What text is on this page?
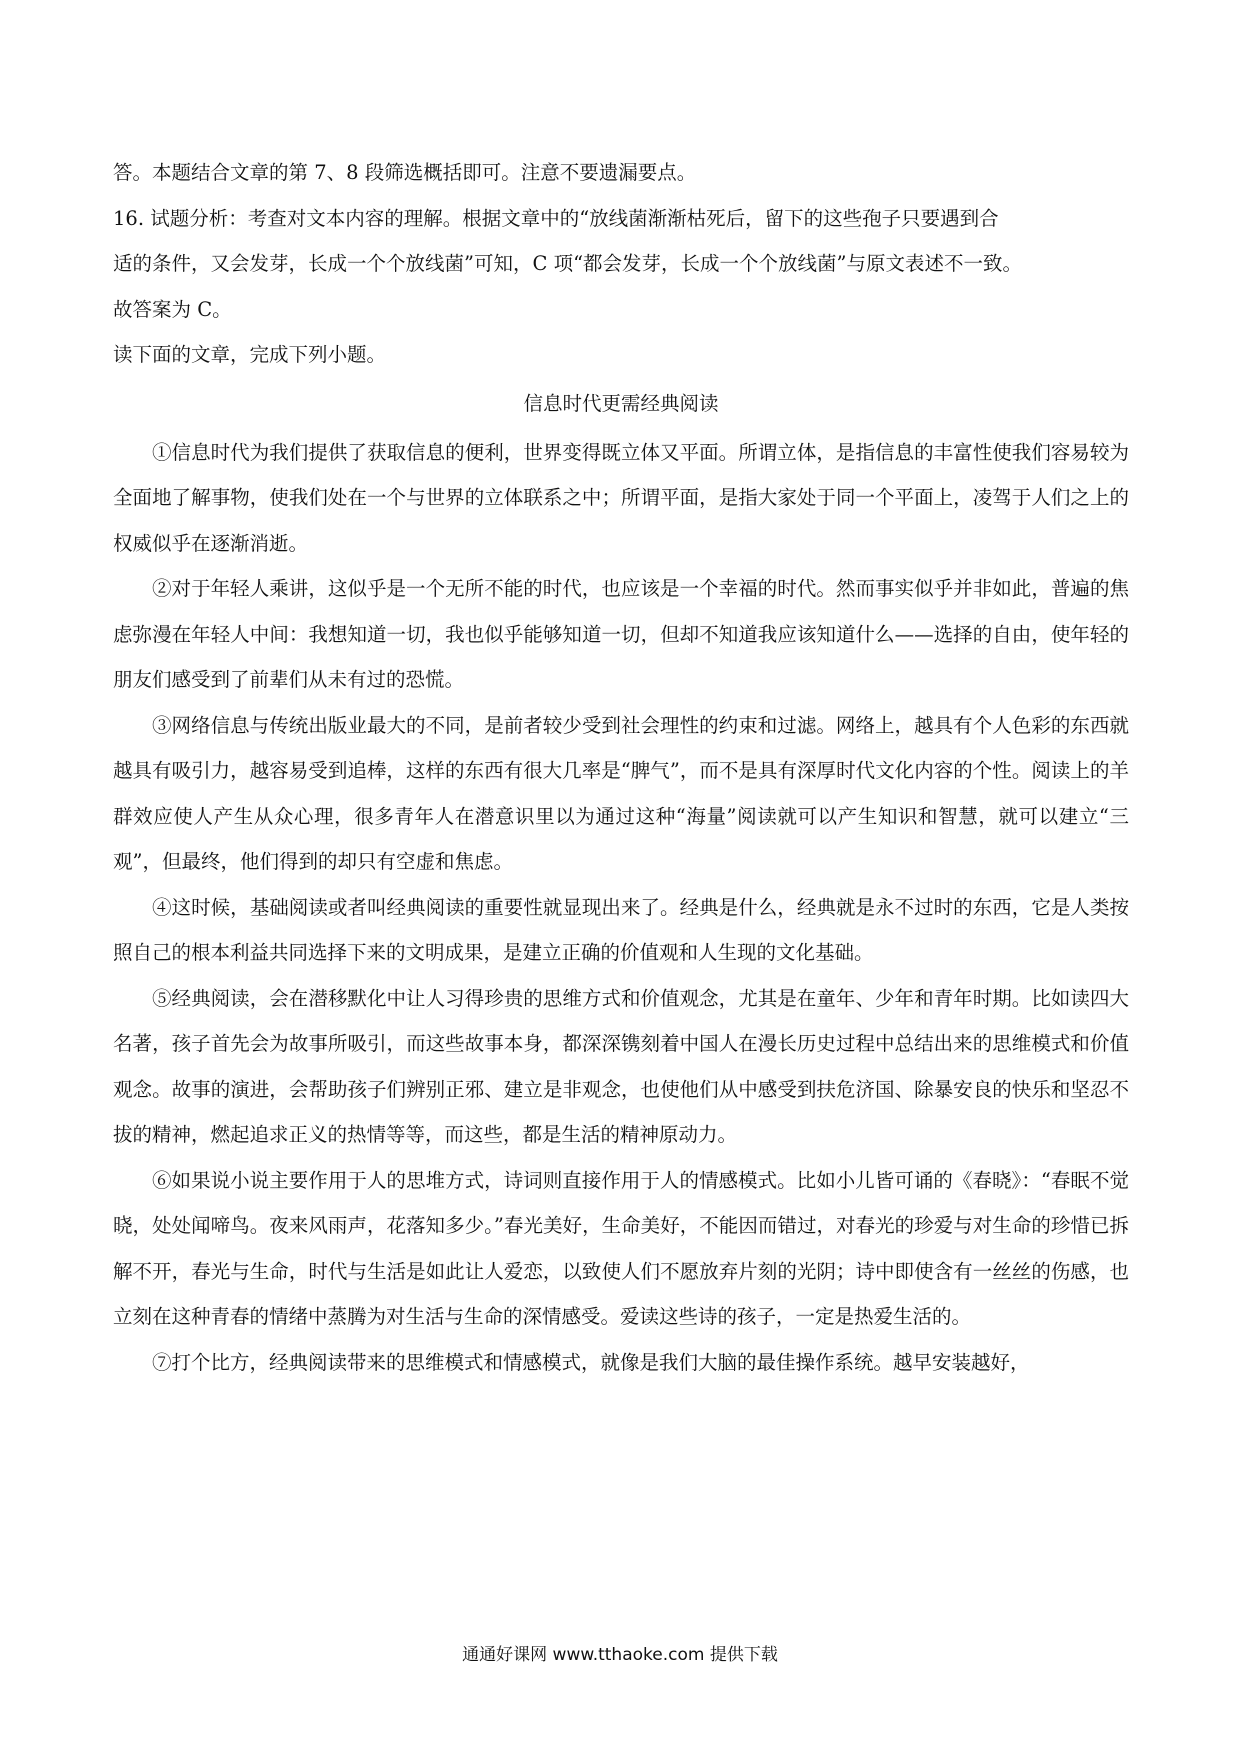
答。本题结合文章的第 7、8 段筛选概括即可。注意不要遗漏要点。

16. 试题分析：考查对文本内容的理解。根据文章中的“放线菌渐渐枯死后，留下的这些孢子只要遇到合

适的条件，又会发芽，长成一个个放线菌”可知，C 项“都会发芽，长成一个个放线菌”与原文表述不一致。

故答案为 C。

读下面的文章，完成下列小题。

信息时代更需经典阅读

①信息时代为我们提供了获取信息的便利，世界变得既立体又平面。所谓立体，是指信息的丰富性使我们容易较为全面地了解事物，使我们处在一个与世界的立体联系之中；所谓平面，是指大家处于同一个平面上，凌驾于人们之上的权威似乎在逐渐消逝。

②对于年轻人乘讲，这似乎是一个无所不能的时代，也应该是一个幸福的时代。然而事实似乎并非如此，普遍的焦虑弥漫在年轻人中间：我想知道一切，我也似乎能够知道一切，但却不知道我应该知道什么——选择的自由，使年轻的朋友们感受到了前辈们从未有过的恐慌。

③网络信息与传统出版业最大的不同，是前者较少受到社会理性的约束和过滤。网络上，越具有个人色彩的东西就越具有吸引力，越容易受到追棒，这样的东西有很大几率是“脾气”，而不是具有深厚时代文化内容的个性。阅读上的羊群效应使人产生从众心理，很多青年人在潜意识里以为通过这种“海量”阅读就可以产生知识和智慧，就可以建立“三观”，但最终，他们得到的却只有空虚和焦虑。

④这时候，基础阅读或者叫经典阅读的重要性就显现出来了。经典是什么，经典就是永不过时的东西，它是人类按照自己的根本利益共同选择下来的文明成果，是建立正确的价值观和人生现的文化基础。

⑤经典阅读，会在潜移默化中让人习得珍贵的思维方式和价值观念，尤其是在童年、少年和青年时期。比如读四大名著，孩子首先会为故事所吸引，而这些故事本身，都深深镌刻着中国人在漫长历史过程中总结出来的思维模式和价值观念。故事的演进，会帮助孩子们辨别正邪、建立是非观念，也使他们从中感受到扶危济国、除暴安良的快乐和坚忍不拔的精神，燃起追求正义的热情等等，而这些，都是生活的精神原动力。

⑥如果说小说主要作用于人的思堆方式，诗词则直接作用于人的情感模式。比如小儿皆可诵的《春晓》：“春眠不觉晓，处处闻啼鸟。夜来风雨声，花落知多少。”春光美好，生命美好，不能因而错过，对春光的珍爱与对生命的珍惜已拆解不开，春光与生命，时代与生活是如此让人爱恋，以致使人们不愿放弃片刻的光阴；诗中即使含有一丝丝的伤感，也立刻在这种青春的情绪中蒸腾为对生活与生命的深情感受。爱读这些诗的孩子，一定是热爱生活的。

⑦打个比方，经典阅读带来的思维模式和情感模式，就像是我们大脑的最佳操作系统。越早安装越好，

通通好课网 www.tthaoke.com 提供下载
